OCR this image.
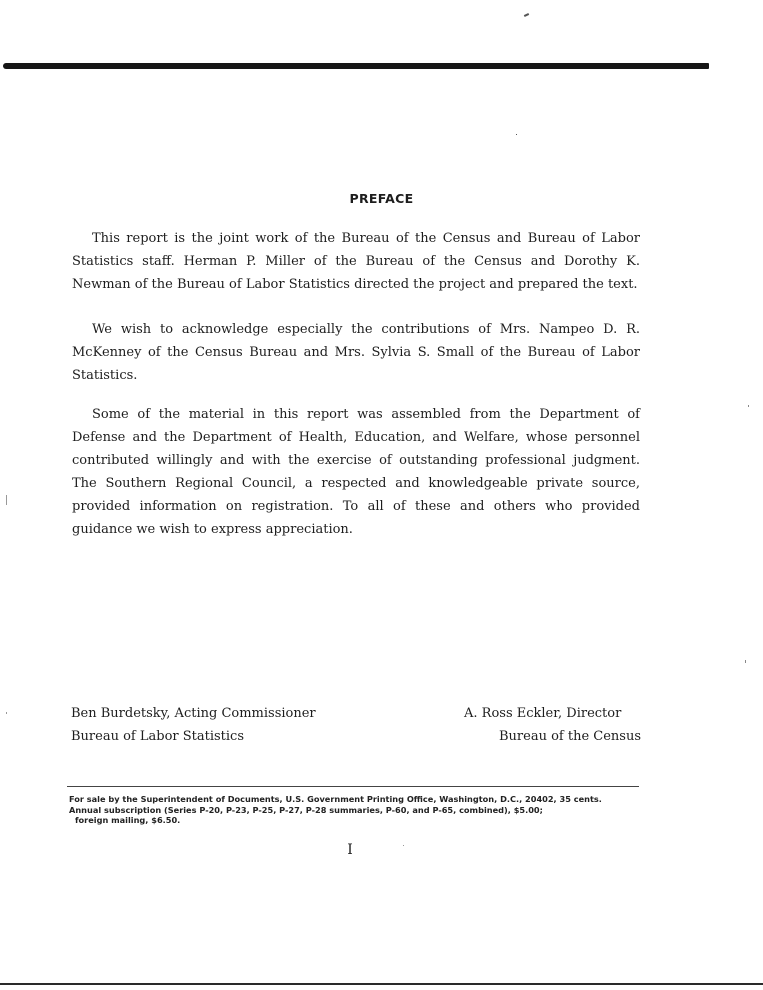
PREFACE
This report is the joint work of the Bureau of the Census and Bureau of Labor
Statistics staff. Herman P. Miller of the Bureau of the Census and Dorothy K.
Newman of the Bureau of Labor Statistics directed the project and prepared the text.
We wish to acknowledge especially the contributions of Mrs. Nampeo D. R.
McKenney of the Census Bureau and Mrs. Sylvia S. Small of the Bureau of Labor
Statistics.
Some of the material in this report was assembled from the Department of
Defense and the Department of Health, Education, and Welfare, whose personnel
contributed willingly and with the exercise of outstanding professional judgment.
The Southern Regional Council, a respected and knowledgeable private source,
provided information on registration. To all of these and others who provided
guidance we wish to express appreciation.
Ben Burdetsky, Acting Commissioner
Bureau of Labor Statistics
A. Ross Eckler, Director
Bureau of the Census
For sale by the Superintendent of Documents, U.S. Government Printing Office, Washington, D.C., 20402, 35 cents.
Annual subscription (Series P-20, P-23, P-25, P-27, P-28 summaries, P-60, and P-65, combined), $5.00;
foreign mailing, $6.50.
I
